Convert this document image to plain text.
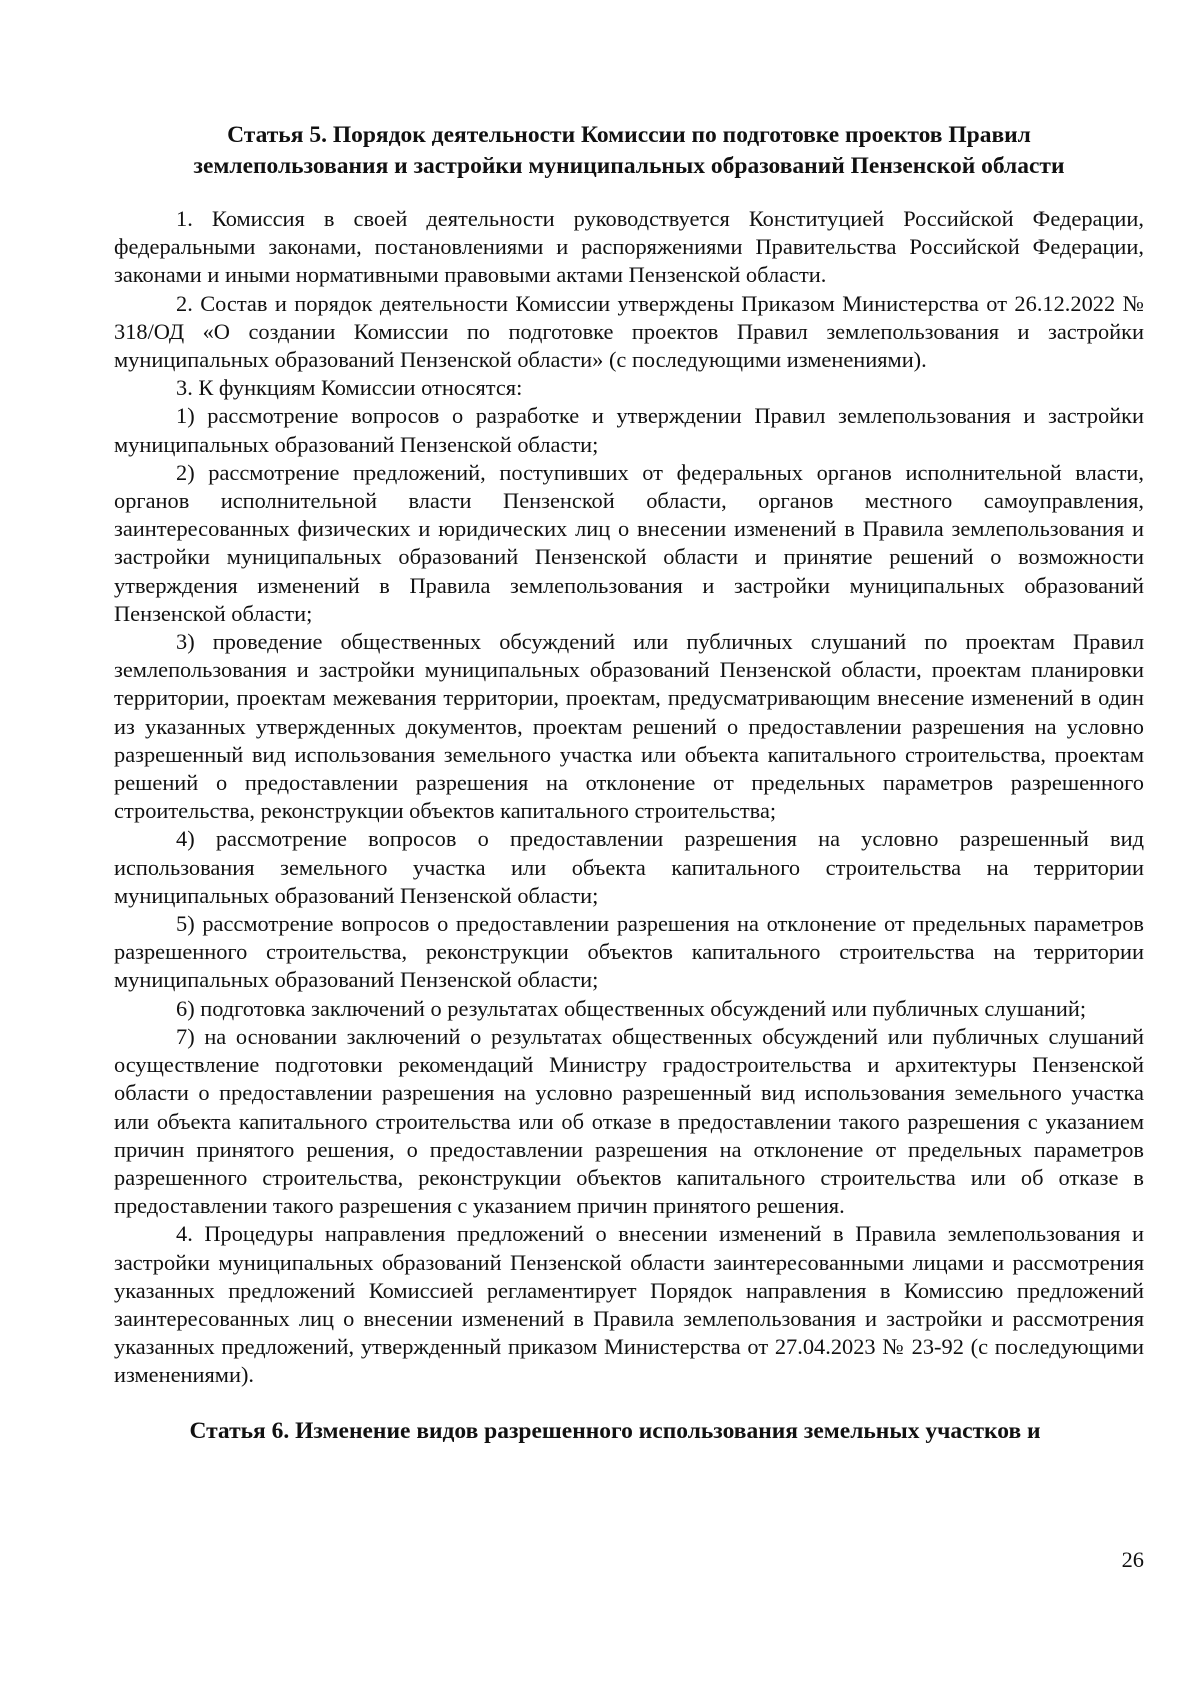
Статья 5. Порядок деятельности Комиссии по подготовке проектов Правил
землепользования и застройки муниципальных образований Пензенской области

1. Комиссия в своей деятельности руководствуется Конституцией Российской Федерации, федеральными законами, постановлениями и распоряжениями Правительства Российской Федерации, законами и иными нормативными правовыми актами Пензенской области.

2. Состав и порядок деятельности Комиссии утверждены Приказом Министерства от 26.12.2022 № 318/ОД «О создании Комиссии по подготовке проектов Правил землепользования и застройки муниципальных образований Пензенской области» (с последующими изменениями).

3. К функциям Комиссии относятся:

1) рассмотрение вопросов о разработке и утверждении Правил землепользования и застройки муниципальных образований Пензенской области;

2) рассмотрение предложений, поступивших от федеральных органов исполнительной власти, органов исполнительной власти Пензенской области, органов местного самоуправления, заинтересованных физических и юридических лиц о внесении изменений в Правила землепользования и застройки муниципальных образований Пензенской области и принятие решений о возможности утверждения изменений в Правила землепользования и застройки муниципальных образований Пензенской области;

3) проведение общественных обсуждений или публичных слушаний по проектам Правил землепользования и застройки муниципальных образований Пензенской области, проектам планировки территории, проектам межевания территории, проектам, предусматривающим внесение изменений в один из указанных утвержденных документов, проектам решений о предоставлении разрешения на условно разрешенный вид использования земельного участка или объекта капитального строительства, проектам решений о предоставлении разрешения на отклонение от предельных параметров разрешенного строительства, реконструкции объектов капитального строительства;

4) рассмотрение вопросов о предоставлении разрешения на условно разрешенный вид использования земельного участка или объекта капитального строительства на территории муниципальных образований Пензенской области;

5) рассмотрение вопросов о предоставлении разрешения на отклонение от предельных параметров разрешенного строительства, реконструкции объектов капитального строительства на территории муниципальных образований Пензенской области;

6) подготовка заключений о результатах общественных обсуждений или публичных слушаний;

7) на основании заключений о результатах общественных обсуждений или публичных слушаний осуществление подготовки рекомендаций Министру градостроительства и архитектуры Пензенской области о предоставлении разрешения на условно разрешенный вид использования земельного участка или объекта капитального строительства или об отказе в предоставлении такого разрешения с указанием причин принятого решения, о предоставлении разрешения на отклонение от предельных параметров разрешенного строительства, реконструкции объектов капитального строительства или об отказе в предоставлении такого разрешения с указанием причин принятого решения.

4. Процедуры направления предложений о внесении изменений в Правила землепользования и застройки муниципальных образований Пензенской области заинтересованными лицами и рассмотрения указанных предложений Комиссией регламентирует Порядок направления в Комиссию предложений заинтересованных лиц о внесении изменений в Правила землепользования и застройки и рассмотрения указанных предложений, утвержденный приказом Министерства от 27.04.2023 № 23-92 (с последующими изменениями).

Статья 6. Изменение видов разрешенного использования земельных участков и
26
